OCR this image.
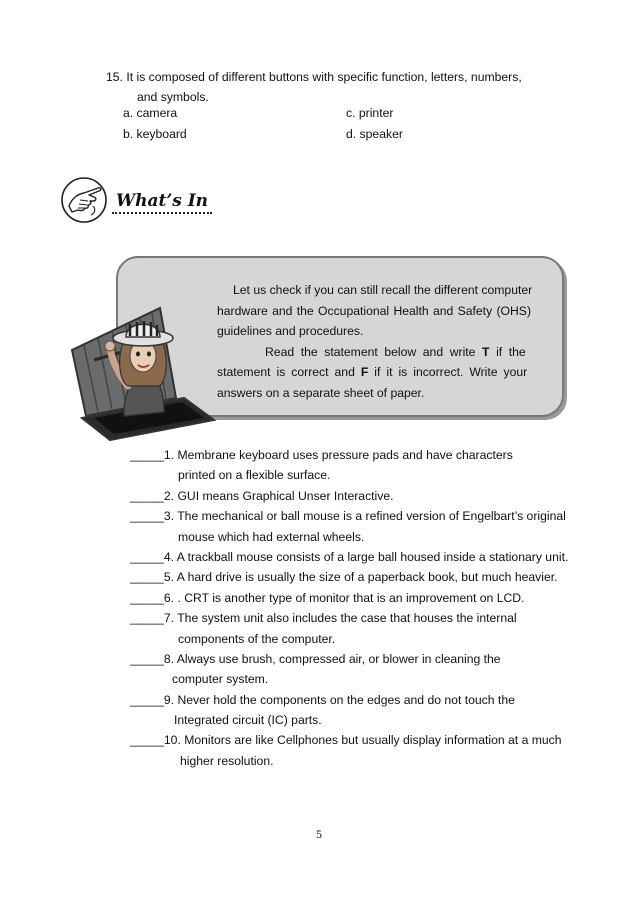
15. It is composed of different buttons with specific function, letters, numbers,
and symbols.
a. camera
b. keyboard
c. printer
d. speaker
What’s In
Let us check if you can still recall the different computer
hardware and the Occupational Health and Safety (OHS)
guidelines and procedures.
Read the statement below and write T if the
statement is correct and F if it is incorrect. Write your
answers on a separate sheet of paper.
_____1. Membrane keyboard uses pressure pads and have characters
printed on a flexible surface.
_____2. GUI means Graphical Unser Interactive.
_____3. The mechanical or ball mouse is a refined version of Engelbart’s original
mouse which had external wheels.
_____4. A trackball mouse consists of a large ball housed inside a stationary unit.
_____5. A hard drive is usually the size of a paperback book, but much heavier.
_____6. . CRT is another type of monitor that is an improvement on LCD.
_____7. The system unit also includes the case that houses the internal
components of the computer.
_____8. Always use brush, compressed air, or blower in cleaning the
computer system.
_____9. Never hold the components on the edges and do not touch the
Integrated circuit (IC) parts.
_____10. Monitors are like Cellphones but usually display information at a much
higher resolution.
5
